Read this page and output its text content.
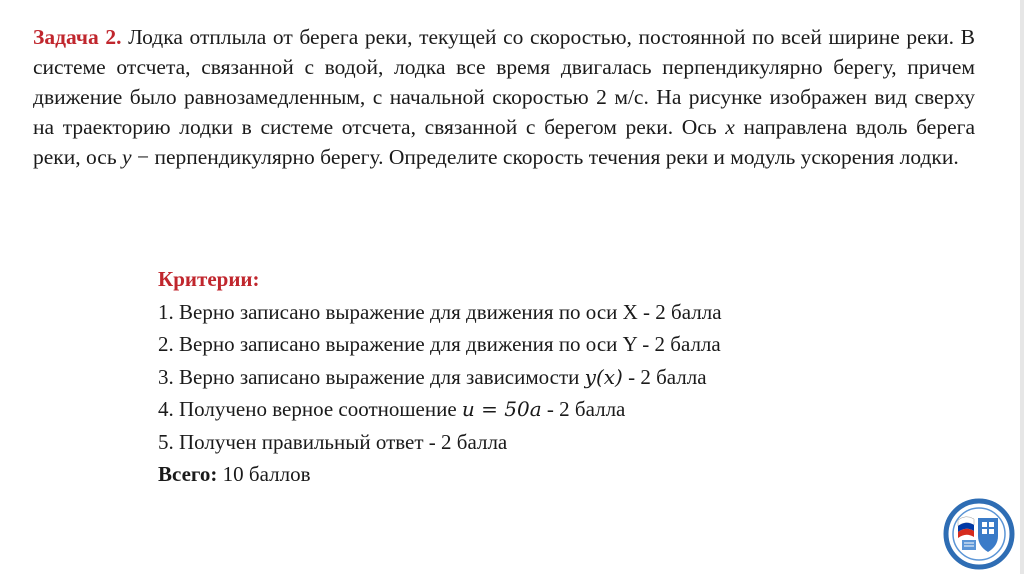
Задача 2. Лодка отплыла от берега реки, текущей со скоростью, постоянной по всей ширине реки. В системе отсчета, связанной с водой, лодка все время двигалась перпендикулярно берегу, причем движение было равнозамедленным, с начальной скоростью 2 м/с. На рисунке изображен вид сверху на траекторию лодки в системе отсчета, связанной с берегом реки. Ось x направлена вдоль берега реки, ось y − перпендикулярно берегу. Определите скорость течения реки и модуль ускорения лодки.
Критерии:
1. Верно записано выражение для движения по оси X - 2 балла
2. Верно записано выражение для движения по оси Y - 2 балла
3. Верно записано выражение для зависимости 𝑦(𝑥) - 2 балла
4. Получено верное соотношение 𝑢 = 50𝑎 - 2 балла
5. Получен правильный ответ - 2 балла
Всего: 10 баллов
